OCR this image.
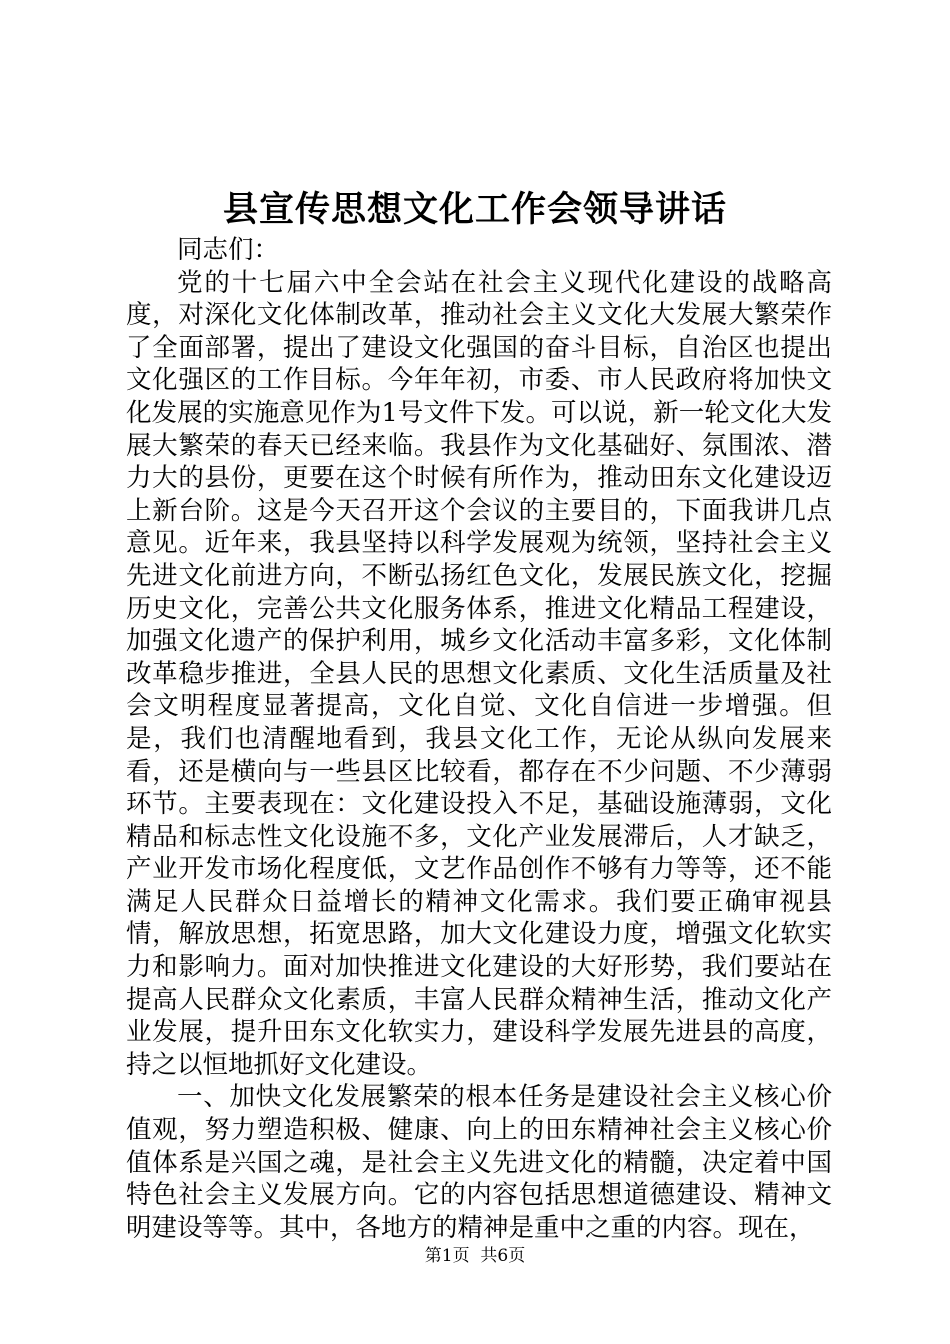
县宣传思想文化工作会领导讲话

同志们：

党的十七届六中全会站在社会主义现代化建设的战略高度，对深化文化体制改革，推动社会主义文化大发展大繁荣作了全面部署，提出了建设文化强国的奋斗目标，自治区也提出文化强区的工作目标。今年年初，市委、市人民政府将加快文化发展的实施意见作为1号文件下发。可以说，新一轮文化大发展大繁荣的春天已经来临。我县作为文化基础好、氛围浓、潜力大的县份，更要在这个时候有所作为，推动田东文化建设迈上新台阶。这是今天召开这个会议的主要目的，下面我讲几点意见。近年来，我县坚持以科学发展观为统领，坚持社会主义先进文化前进方向，不断弘扬红色文化，发展民族文化，挖掘历史文化，完善公共文化服务体系，推进文化精品工程建设，加强文化遗产的保护利用，城乡文化活动丰富多彩，文化体制改革稳步推进，全县人民的思想文化素质、文化生活质量及社会文明程度显著提高，文化自觉、文化自信进一步增强。但是，我们也清醒地看到，我县文化工作，无论从纵向发展来看，还是横向与一些县区比较看，都存在不少问题、不少薄弱环节。主要表现在：文化建设投入不足，基础设施薄弱，文化精品和标志性文化设施不多，文化产业发展滞后，人才缺乏，产业开发市场化程度低，文艺作品创作不够有力等等，还不能满足人民群众日益增长的精神文化需求。我们要正确审视县情，解放思想，拓宽思路，加大文化建设力度，增强文化软实力和影响力。面对加快推进文化建设的大好形势，我们要站在提高人民群众文化素质，丰富人民群众精神生活，推动文化产业发展，提升田东文化软实力，建设科学发展先进县的高度，持之以恒地抓好文化建设。

一、加快文化发展繁荣的根本任务是建设社会主义核心价值观，努力塑造积极、健康、向上的田东精神社会主义核心价值体系是兴国之魂，是社会主义先进文化的精髓，决定着中国特色社会主义发展方向。它的内容包括思想道德建设、精神文明建设等等。其中，各地方的精神是重中之重的内容。现在，

第1页 共6页
